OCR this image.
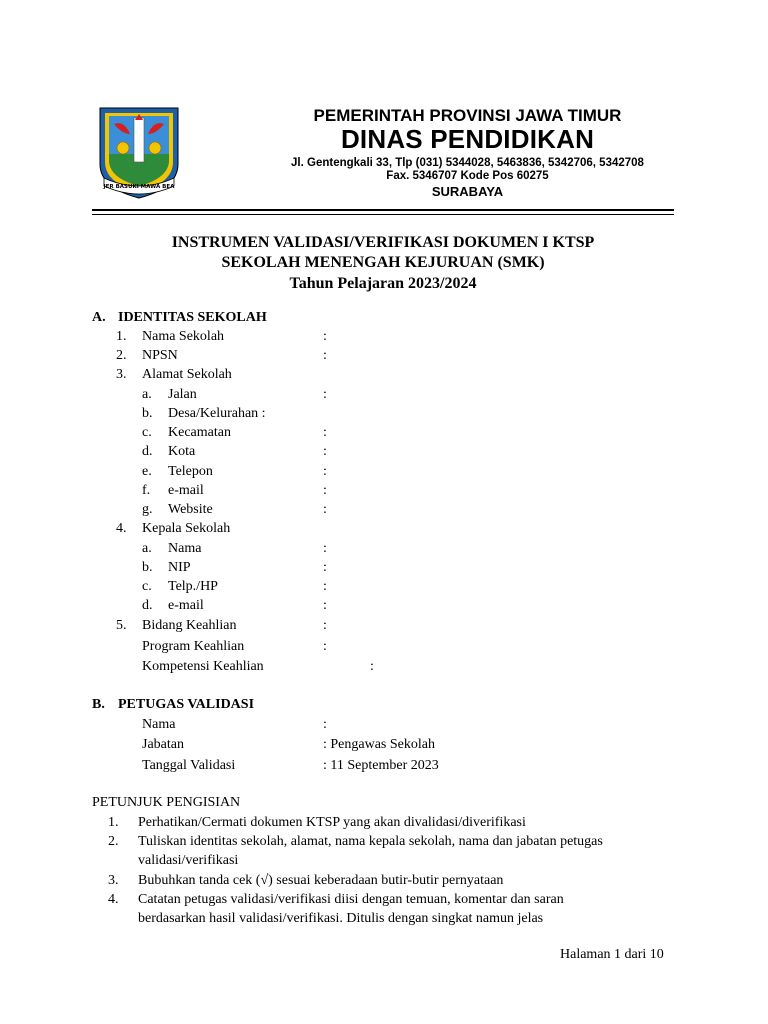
JER BASUKI MAWA BEA
PEMERINTAH PROVINSI JAWA TIMUR
DINAS PENDIDIKAN
Jl. Gentengkali 33, Tlp (031) 5344028, 5463836, 5342706, 5342708
Fax. 5346707 Kode Pos 60275
SURABAYA
INSTRUMEN VALIDASI/VERIFIKASI DOKUMEN I KTSP
SEKOLAH MENENGAH KEJURUAN (SMK)
Tahun Pelajaran 2023/2024
A. IDENTITAS SEKOLAH
1. Nama Sekolah	:
2. NPSN	:
3. Alamat Sekolah
a. Jalan	:
b. Desa/Kelurahan :
c. Kecamatan	:
d. Kota	:
e. Telepon	:
f. e-mail	:
g. Website	:
4. Kepala Sekolah
a. Nama	:
b. NIP	:
c. Telp./HP	:
d. e-mail	:
5. Bidang Keahlian	:
Program Keahlian	:
Kompetensi Keahlian	:
B. PETUGAS VALIDASI
Nama	:
Jabatan	: Pengawas Sekolah
Tanggal Validasi	: 11 September 2023
PETUNJUK PENGISIAN
1. Perhatikan/Cermati dokumen KTSP yang akan divalidasi/diverifikasi
2. Tuliskan identitas sekolah, alamat, nama kepala sekolah, nama dan jabatan petugas
validasi/verifikasi
3. Bubuhkan tanda cek (√) sesuai keberadaan butir-butir pernyataan
4. Catatan petugas validasi/verifikasi diisi dengan temuan, komentar dan saran
berdasarkan hasil validasi/verifikasi. Ditulis dengan singkat namun jelas
Halaman 1 dari 10
